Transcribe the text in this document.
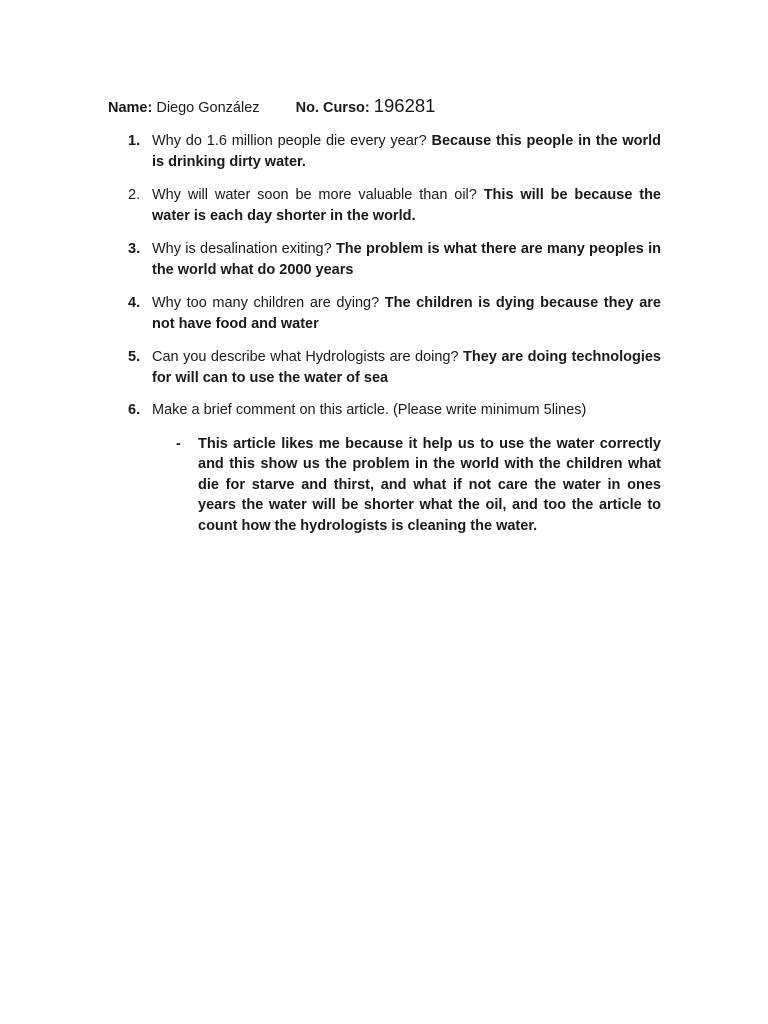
Name: Diego González No. Curso: 196281
1. Why do 1.6 million people die every year? Because this people in the world is drinking dirty water.
2. Why will water soon be more valuable than oil? This will be because the water is each day shorter in the world.
3. Why is desalination exiting? The problem is what there are many peoples in the world what do 2000 years
4. Why too many children are dying? The children is dying because they are not have food and water
5. Can you describe what Hydrologists are doing? They are doing technologies for will can to use the water of sea
6. Make a brief comment on this article. (Please write minimum 5lines)
- This article likes me because it help us to use the water correctly and this show us the problem in the world with the children what die for starve and thirst, and what if not care the water in ones years the water will be shorter what the oil, and too the article to count how the hydrologists is cleaning the water.
